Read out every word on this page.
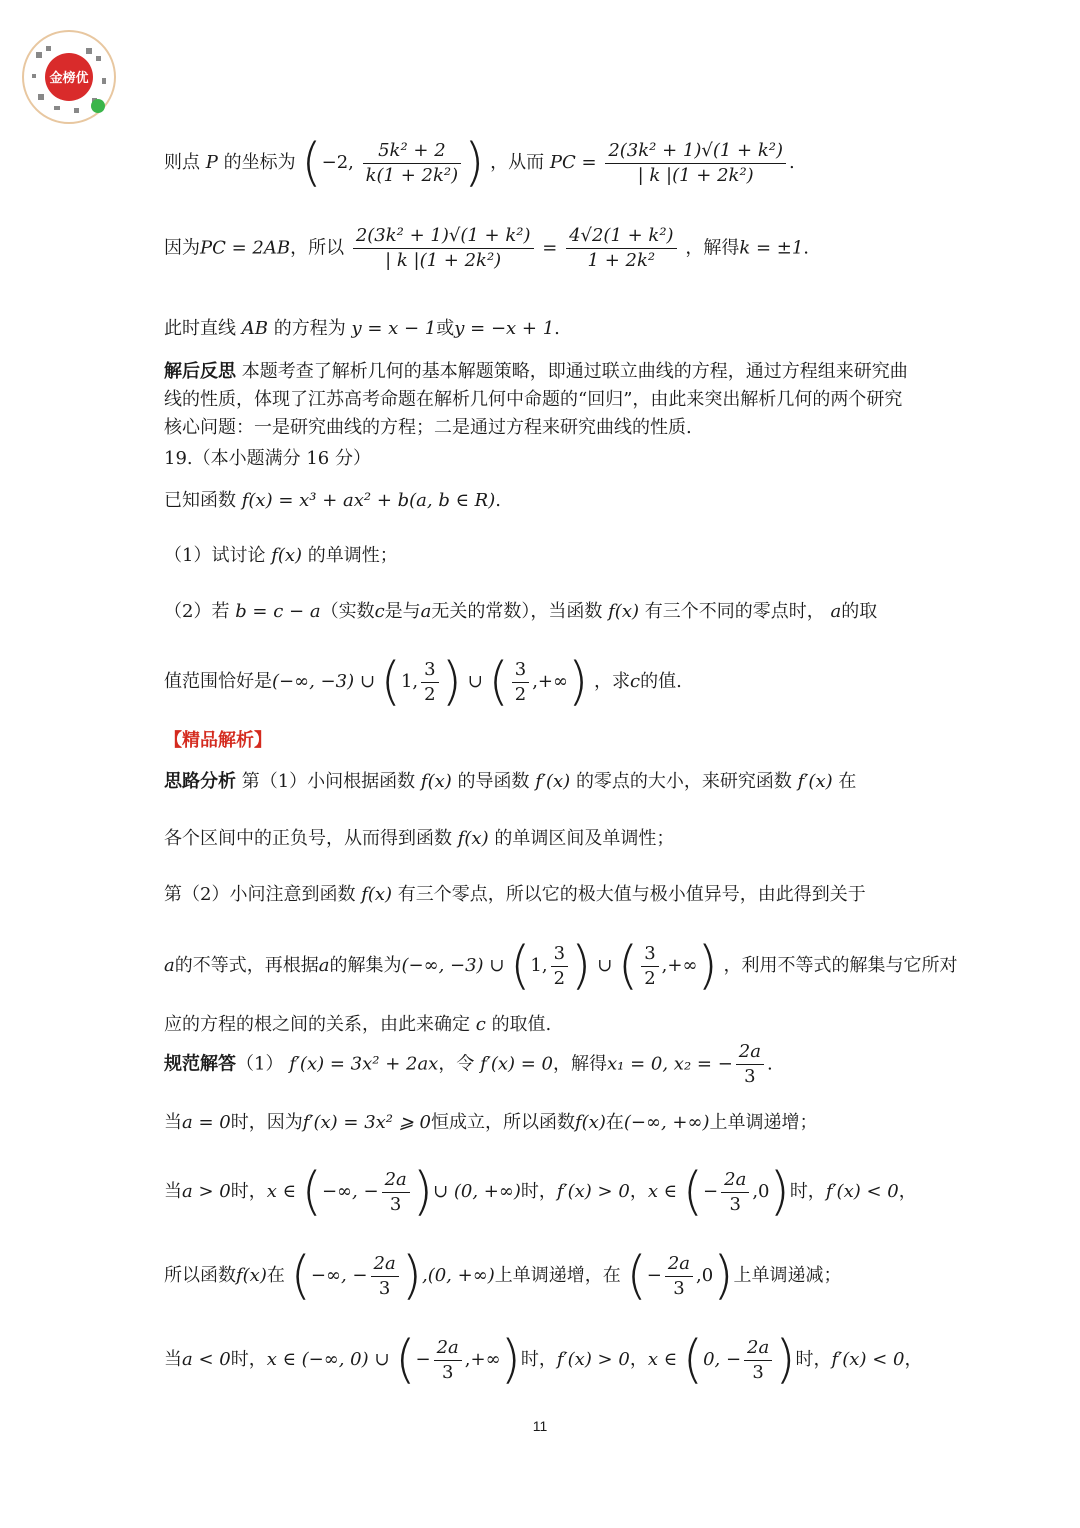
金榜优
则点 P 的坐标为 (−2, $\frac{\text{5k² + 2}}{\text{k(1 + 2k²)}}$ ) ，从而 PC = $\frac{\text{2(3k² + 1)√(1 + k²)}}{\text{| k |(1 + 2k²)}}$ .
因为PC = 2AB，所以 $\frac{\text{2(3k² + 1)√(1 + k²)}}{\text{| k |(1 + 2k²)}} = \frac{\text{4√2(1 + k²)}}{\text{1 + 2k²}}$ ，解得k = ±1.
此时直线 AB 的方程为 y = x − 1或y = −x + 1.
解后反思 本题考查了解析几何的基本解题策略，即通过联立曲线的方程，通过方程组来研究曲线的性质，体现了江苏高考命题在解析几何中命题的“回归”，由此来突出解析几何的两个研究核心问题：一是研究曲线的方程；二是通过方程来研究曲线的性质.
19.（本小题满分 16 分）
已知函数 f(x) = x³ + ax² + b(a, b ∈ R).
（1）试讨论 f(x) 的单调性；
（2）若 b = c − a（实数c是与a无关的常数），当函数 f(x) 有三个不同的零点时， a的取
值范围恰好是(−∞, −3) ∪ (1, $\frac{3}{2}$ ) ∪ ( $\frac{3}{2}$ ,+∞) ，求c的值.
【精品解析】
思路分析 第（1）小问根据函数 f(x) 的导函数 f′(x) 的零点的大小，来研究函数 f′(x) 在
各个区间中的正负号，从而得到函数 f(x) 的单调区间及单调性；
第（2）小问注意到函数 f(x) 有三个零点，所以它的极大值与极小值异号，由此得到关于
a的不等式，再根据a的解集为(−∞, −3) ∪ (1, $\frac{3}{2}$ ) ∪ ( $\frac{3}{2}$ ,+∞) ，利用不等式的解集与它所对
应的方程的根之间的关系，由此来确定 c 的取值.
规范解答（1） f′(x) = 3x² + 2ax，令 f′(x) = 0，解得x₁ = 0, x₂ = − $\frac{2a}{3}$ .
当a = 0时，因为f′(x) = 3x² ⩾ 0恒成立，所以函数f(x)在(−∞, +∞)上单调递增；
当a > 0时，x ∈ (−∞, − $\frac{2a}{3}$ )∪ (0, +∞)时，f′(x) > 0，x ∈ (− $\frac{2a}{3} ,0$)时，f′(x) < 0，
所以函数f(x)在 (−∞, − $\frac{2a}{3} ),(0$, +∞)上单调递增，在 (− $\frac{2a}{3} ,0$)上单调递减；
当a < 0时，x ∈ (−∞, 0) ∪ (− $\frac{2a}{3}$ ,+∞)时，f′(x) > 0，x ∈ (0, − $\frac{2a}{3}$ )时，f′(x) < 0，
11
